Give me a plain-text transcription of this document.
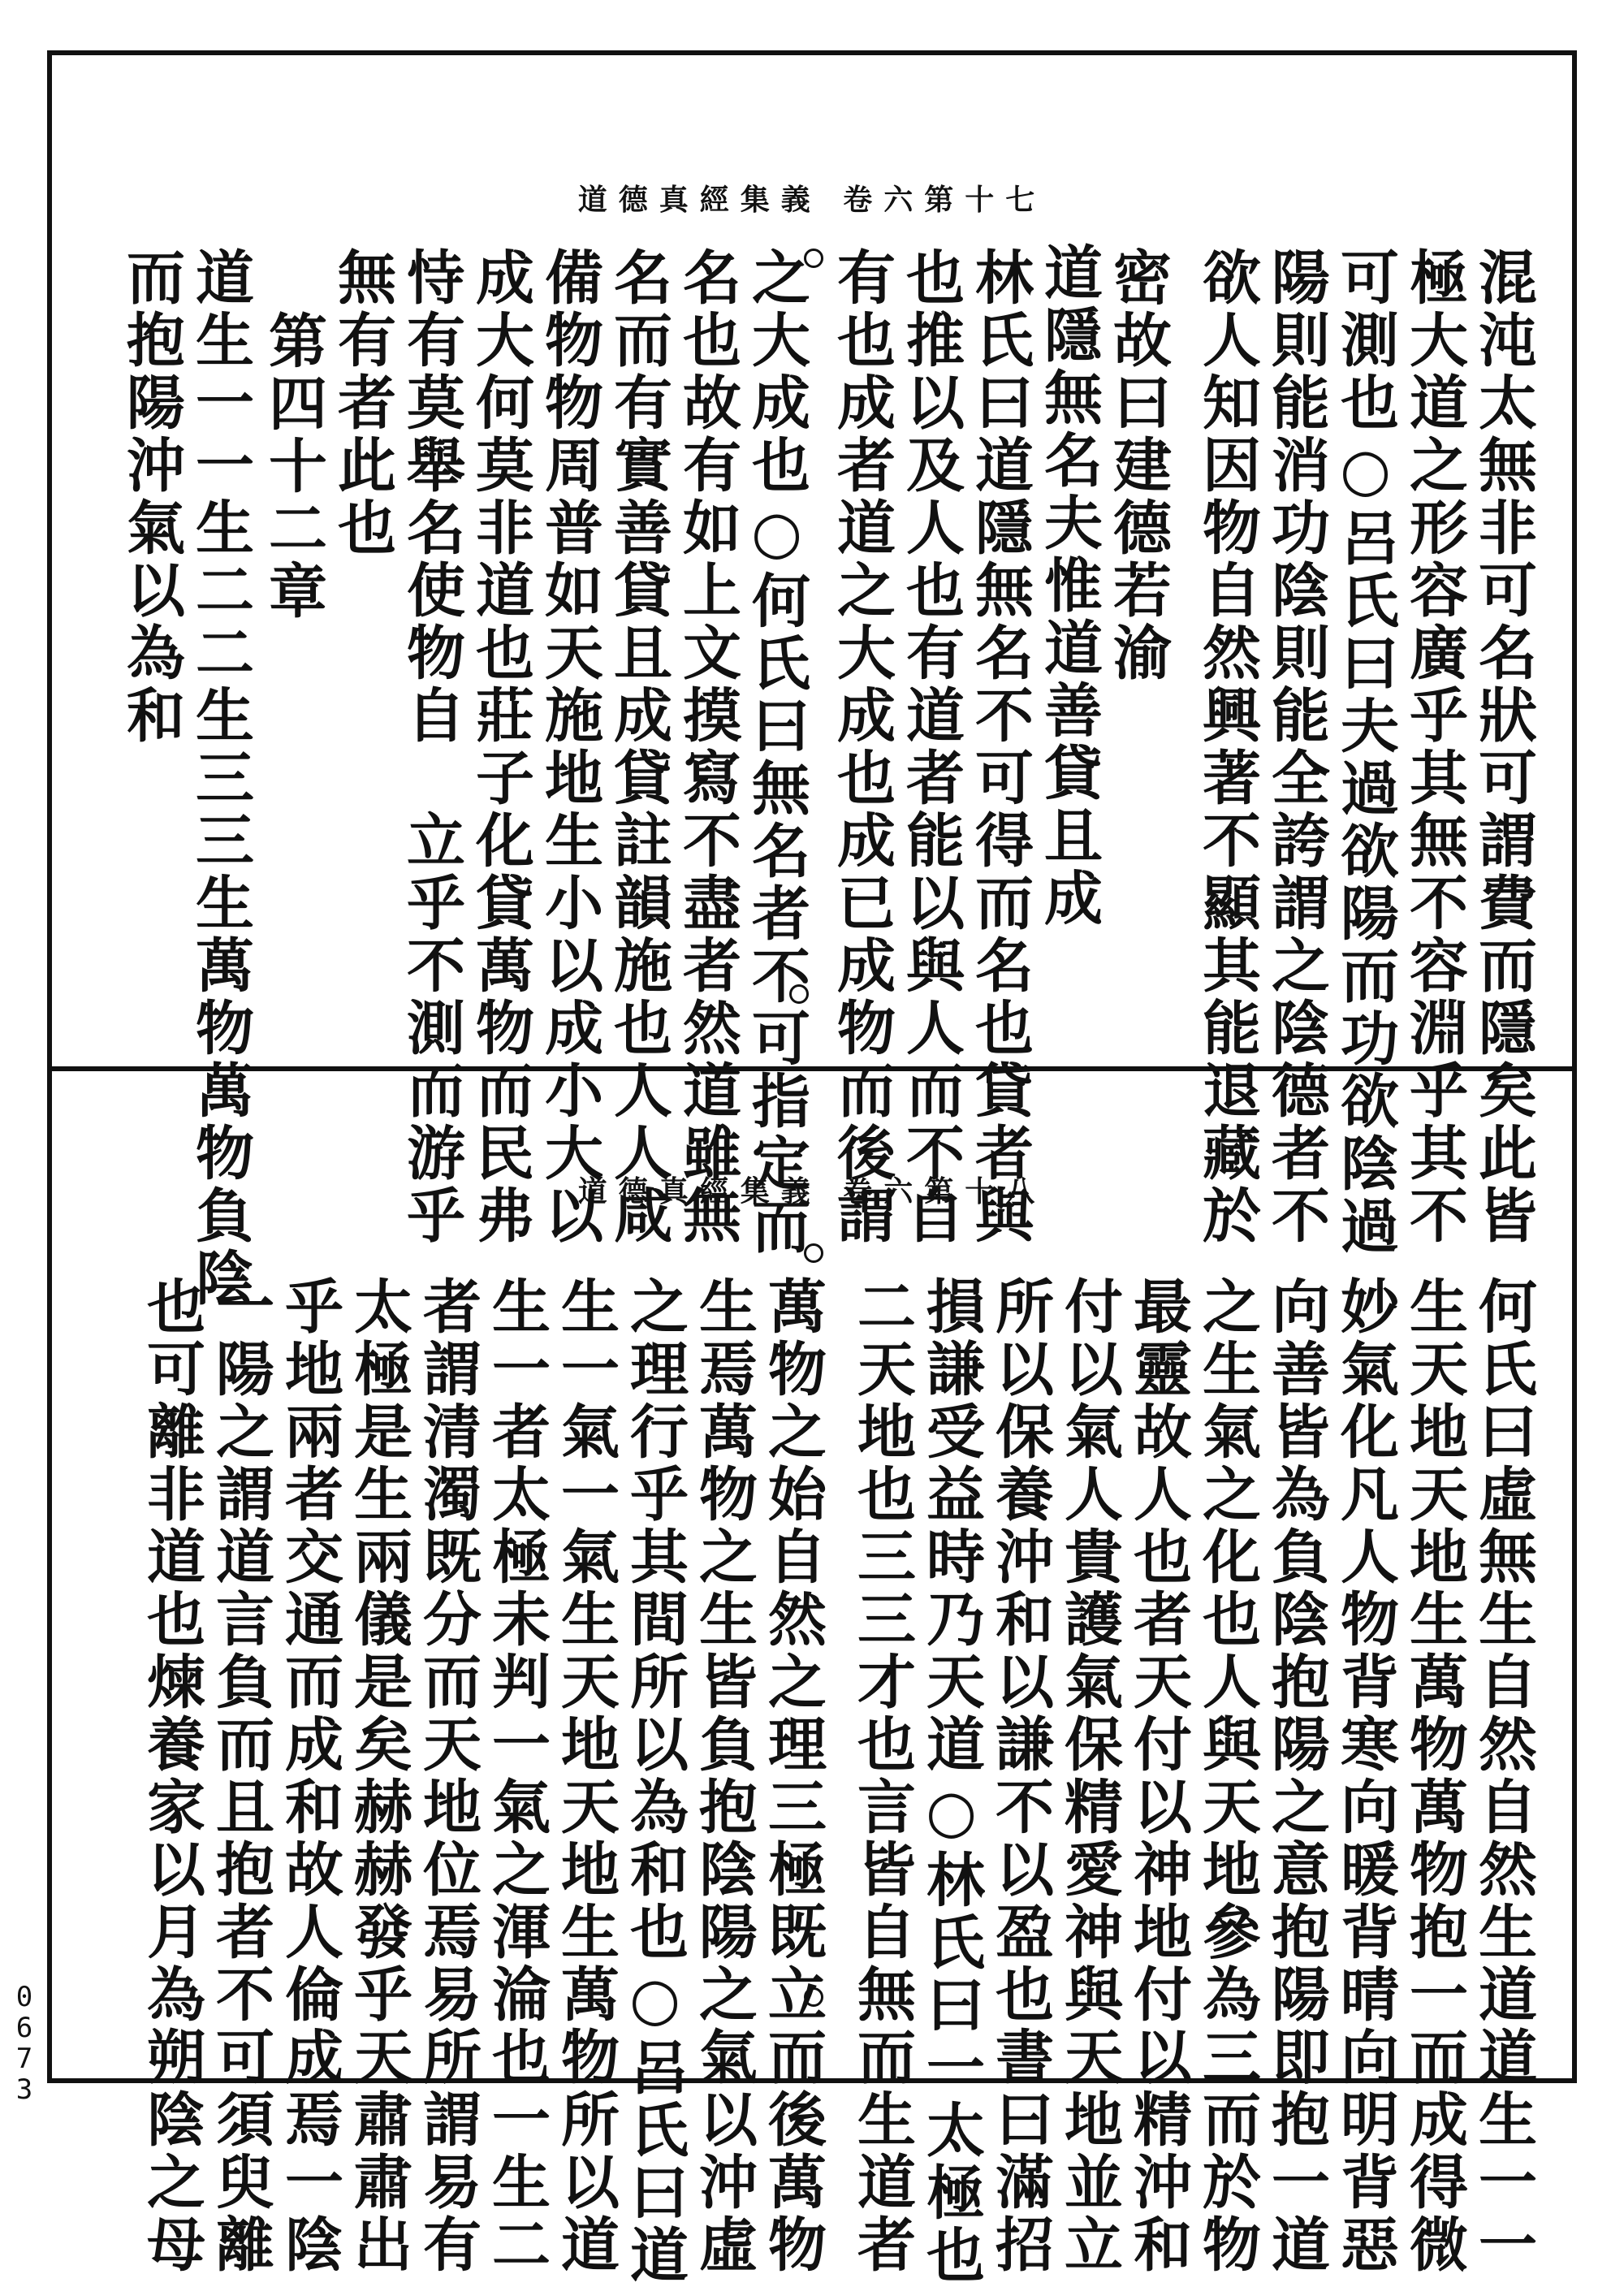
道德真經集義 卷六第十七
混沌太無非可名狀可謂費而隱矣此皆
極大道之形容廣乎其無不容淵乎其不
可測也○呂氏曰夫過欲陽而功欲陰過
陽則能消功陰則能全誇謂之陰德者不
欲人知因物自然興著不顯其能退藏於
密故曰建德若渝
道隱無名夫惟道善貸且成
林氏曰道隱無名不可得而名也貸者與
也推以及人也有道者能以與人而不自
有也成者道之大成也成已成物而後謂
之大成也○何氏曰無名者不可指定而
名也故有如上文摸寫不盡者然道雖無
名而有實善貸且成貸註韻施也人人咸
備物物周普如天施地生小以成小大以
成大何莫非道也莊子化貸萬物而民弗
恃有莫舉名使物自　立乎不測而游乎
無有者此也
第四十二章
道生一一生二二生三三生萬物萬物負陰
而抱陽沖氣以為和
道德真經集義 卷六第十八
何氏曰虛無生自然自然生道道生一一
生天地天地生萬物萬物抱一而成得微
妙氣化凡人物背寒向暖背晴向明背惡
向善皆為負陰抱陽之意抱陽即抱一道
之生氣之化也人與天地參為三而於物
最靈故人也者天付以神地付以精沖和
付以氣人貴護氣保精愛神與天地並立
所以保養沖和以謙不以盈也書曰滿招
損謙受益時乃天道○林氏曰一太極也
二天地也三三才也言皆自無而生道者
萬物之始自然之理三極既立而後萬物
生焉萬物之生皆負抱陰陽之氣以沖虛
之理行乎其間所以為和也○呂氏曰道
生一氣一氣生天地天地生萬物所以道
生一者太極未判一氣之渾淪也一生二
者謂清濁既分而天地位焉易所謂易有
太極是生兩儀是矣赫赫發乎天肅肅出
乎地兩者交通而成和故人倫成焉一陰
一陽之謂道言負而且抱者不可須臾離
也可離非道也煉養家以月為朔陰之母
0
6
7
3
